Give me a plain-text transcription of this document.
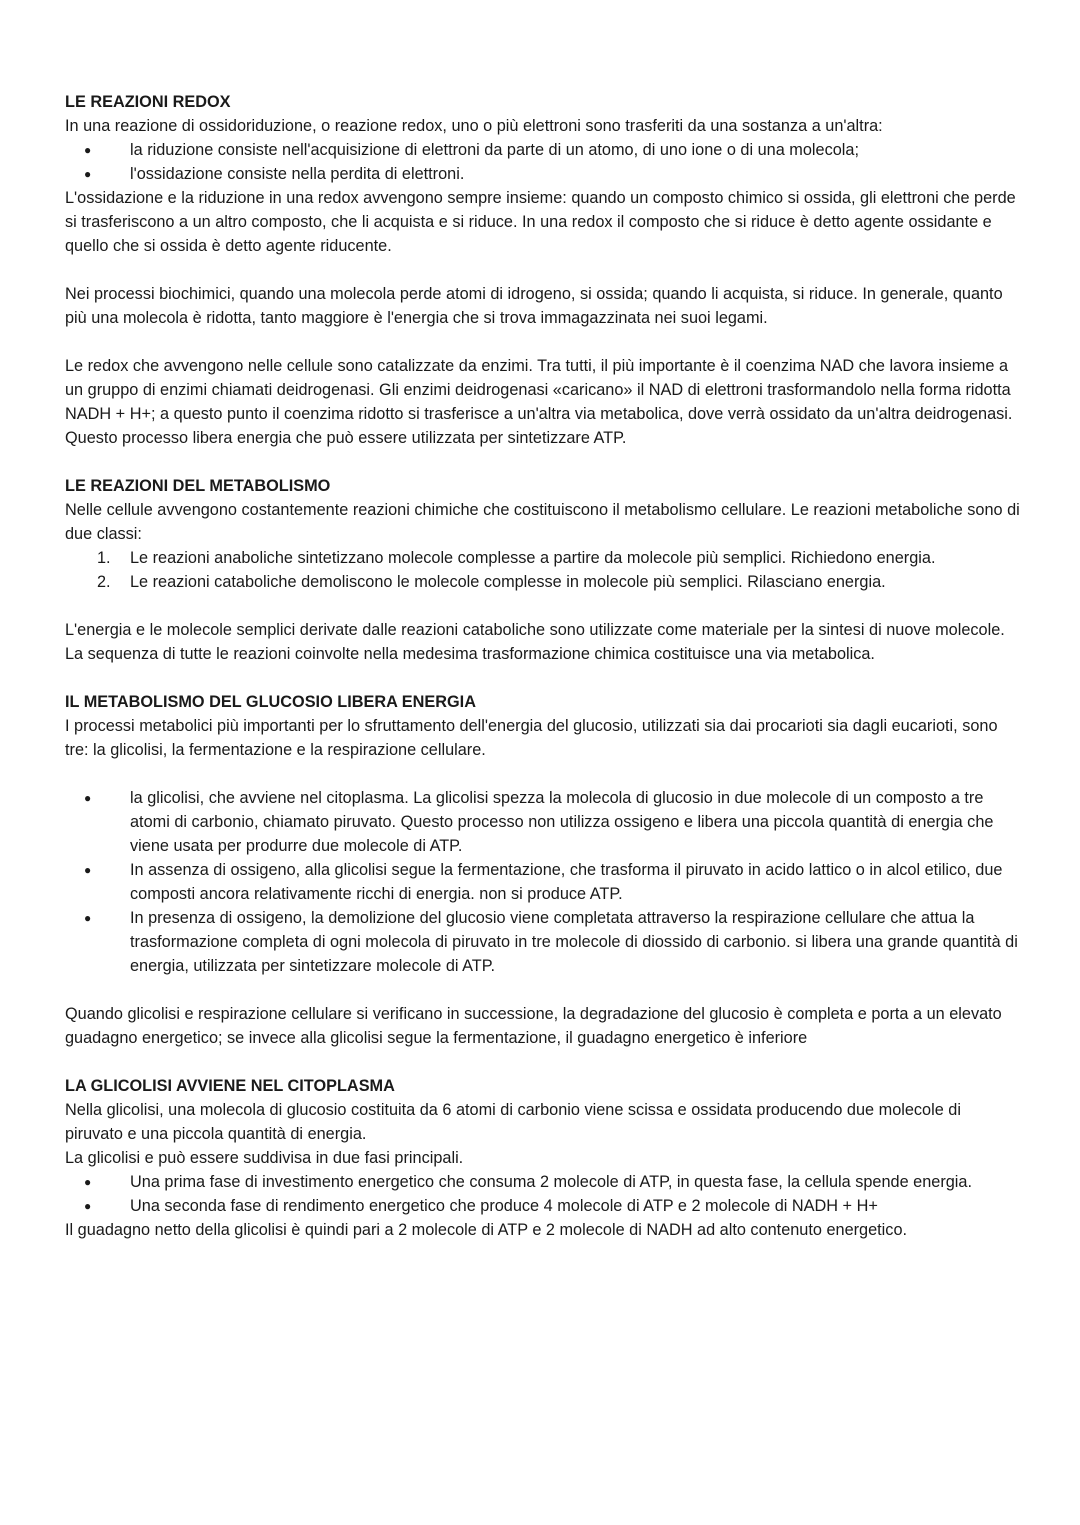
LE REAZIONI REDOX

In una reazione di ossidoriduzione, o reazione redox, uno o più elettroni sono trasferiti da una sostanza a un'altra:

● la riduzione consiste nell'acquisizione di elettroni da parte di un atomo, di uno ione o di una molecola;
● l'ossidazione consiste nella perdita di elettroni.

L'ossidazione e la riduzione in una redox avvengono sempre insieme: quando un composto chimico si ossida, gli elettroni che perde si trasferiscono a un altro composto, che li acquista e si riduce. In una redox il composto che si riduce è detto agente ossidante e quello che si ossida è detto agente riducente.

Nei processi biochimici, quando una molecola perde atomi di idrogeno, si ossida; quando li acquista, si riduce. In generale, quanto più una molecola è ridotta, tanto maggiore è l'energia che si trova immagazzinata nei suoi legami.

Le redox che avvengono nelle cellule sono catalizzate da enzimi. Tra tutti, il più importante è il coenzima NAD che lavora insieme a un gruppo di enzimi chiamati deidrogenasi. Gli enzimi deidrogenasi «caricano» il NAD di elettroni trasformandolo nella forma ridotta NADH + H+; a questo punto il coenzima ridotto si trasferisce a un'altra via metabolica, dove verrà ossidato da un'altra deidrogenasi. Questo processo libera energia che può essere utilizzata per sintetizzare ATP.

LE REAZIONI DEL METABOLISMO

Nelle cellule avvengono costantemente reazioni chimiche che costituiscono il metabolismo cellulare. Le reazioni metaboliche sono di due classi:

1. Le reazioni anaboliche sintetizzano molecole complesse a partire da molecole più semplici. Richiedono energia.
2. Le reazioni cataboliche demoliscono le molecole complesse in molecole più semplici. Rilasciano energia.

L'energia e le molecole semplici derivate dalle reazioni cataboliche sono utilizzate come materiale per la sintesi di nuove molecole.

La sequenza di tutte le reazioni coinvolte nella medesima trasformazione chimica costituisce una via metabolica.

IL METABOLISMO DEL GLUCOSIO LIBERA ENERGIA

I processi metabolici più importanti per lo sfruttamento dell'energia del glucosio, utilizzati sia dai procarioti sia dagli eucarioti, sono tre: la glicolisi, la fermentazione e la respirazione cellulare.

● la glicolisi, che avviene nel citoplasma. La glicolisi spezza la molecola di glucosio in due molecole di un composto a tre atomi di carbonio, chiamato piruvato. Questo processo non utilizza ossigeno e libera una piccola quantità di energia che viene usata per produrre due molecole di ATP.
● In assenza di ossigeno, alla glicolisi segue la fermentazione, che trasforma il piruvato in acido lattico o in alcol etilico, due composti ancora relativamente ricchi di energia. non si produce ATP.
● In presenza di ossigeno, la demolizione del glucosio viene completata attraverso la respirazione cellulare che attua la trasformazione completa di ogni molecola di piruvato in tre molecole di diossido di carbonio. si libera una grande quantità di energia, utilizzata per sintetizzare molecole di ATP.

Quando glicolisi e respirazione cellulare si verificano in successione, la degradazione del glucosio è completa e porta a un elevato guadagno energetico; se invece alla glicolisi segue la fermentazione, il guadagno energetico è inferiore

LA GLICOLISI AVVIENE NEL CITOPLASMA

Nella glicolisi, una molecola di glucosio costituita da 6 atomi di carbonio viene scissa e ossidata producendo due molecole di piruvato e una piccola quantità di energia.

La glicolisi e può essere suddivisa in due fasi principali.

● Una prima fase di investimento energetico che consuma 2 molecole di ATP, in questa fase, la cellula spende energia.
● Una seconda fase di rendimento energetico che produce 4 molecole di ATP e 2 molecole di NADH + H+

Il guadagno netto della glicolisi è quindi pari a 2 molecole di ATP e 2 molecole di NADH ad alto contenuto energetico.
